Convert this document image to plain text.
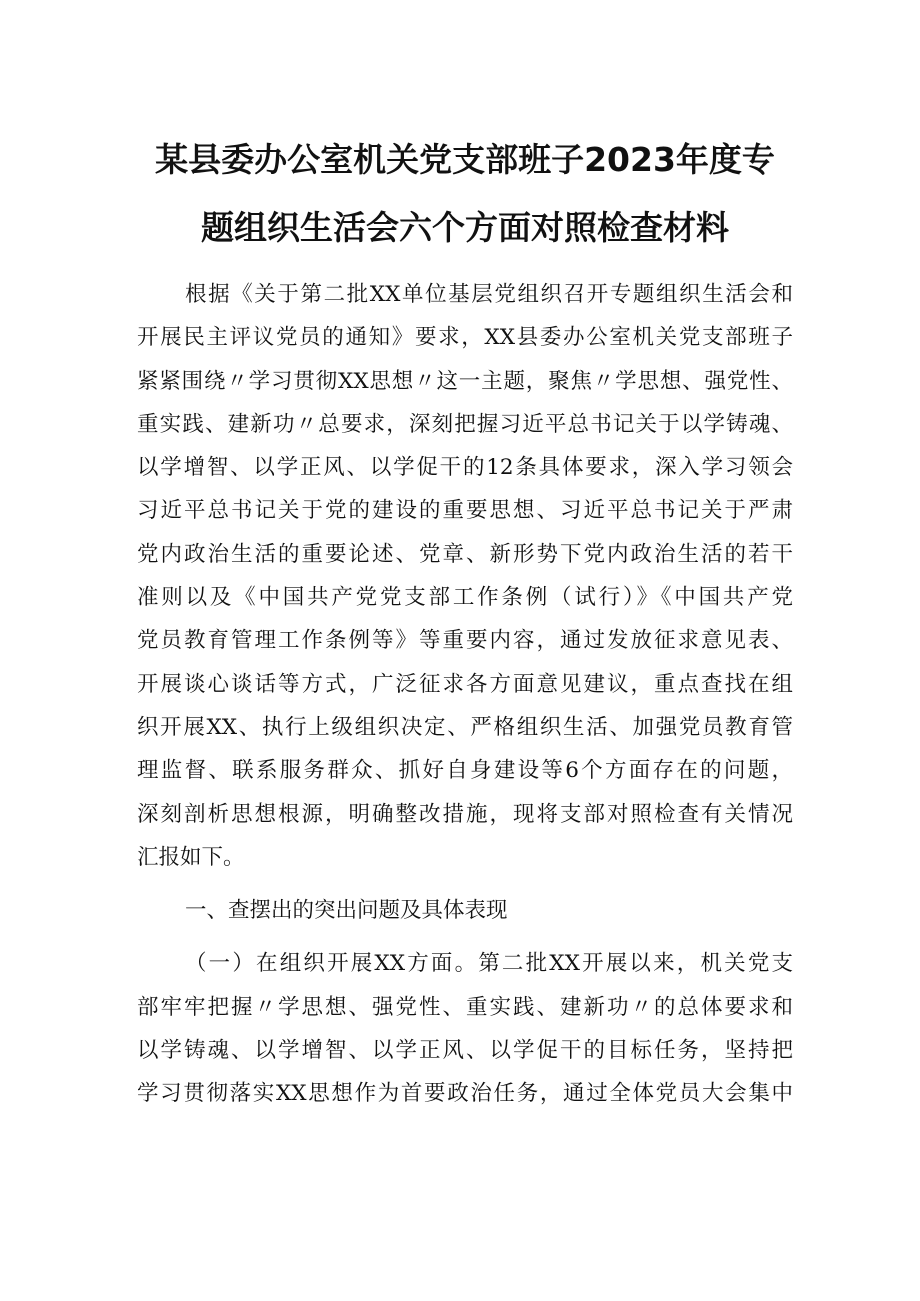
某县委办公室机关党支部班子2023年度专
题组织生活会六个方面对照检查材料
根据《关于第二批XX单位基层党组织召开专题组织生活会和
开展民主评议党员的通知》要求，XX县委办公室机关党支部班子
紧紧围绕〃学习贯彻XX思想〃这一主题，聚焦〃学思想、强党性、
重实践、建新功〃总要求，深刻把握习近平总书记关于以学铸魂、
以学增智、以学正风、以学促干的12条具体要求，深入学习领会
习近平总书记关于党的建设的重要思想、习近平总书记关于严肃
党内政治生活的重要论述、党章、新形势下党内政治生活的若干
准则以及《中国共产党党支部工作条例（试行）》《中国共产党
党员教育管理工作条例等》等重要内容，通过发放征求意见表、
开展谈心谈话等方式，广泛征求各方面意见建议，重点查找在组
织开展XX、执行上级组织决定、严格组织生活、加强党员教育管
理监督、联系服务群众、抓好自身建设等6个方面存在的问题，
深刻剖析思想根源，明确整改措施，现将支部对照检查有关情况
汇报如下。
一、查摆出的突出问题及具体表现
（一）在组织开展XX方面。第二批XX开展以来，机关党支
部牢牢把握〃学思想、强党性、重实践、建新功〃的总体要求和
以学铸魂、以学增智、以学正风、以学促干的目标任务，坚持把
学习贯彻落实XX思想作为首要政治任务，通过全体党员大会集中
